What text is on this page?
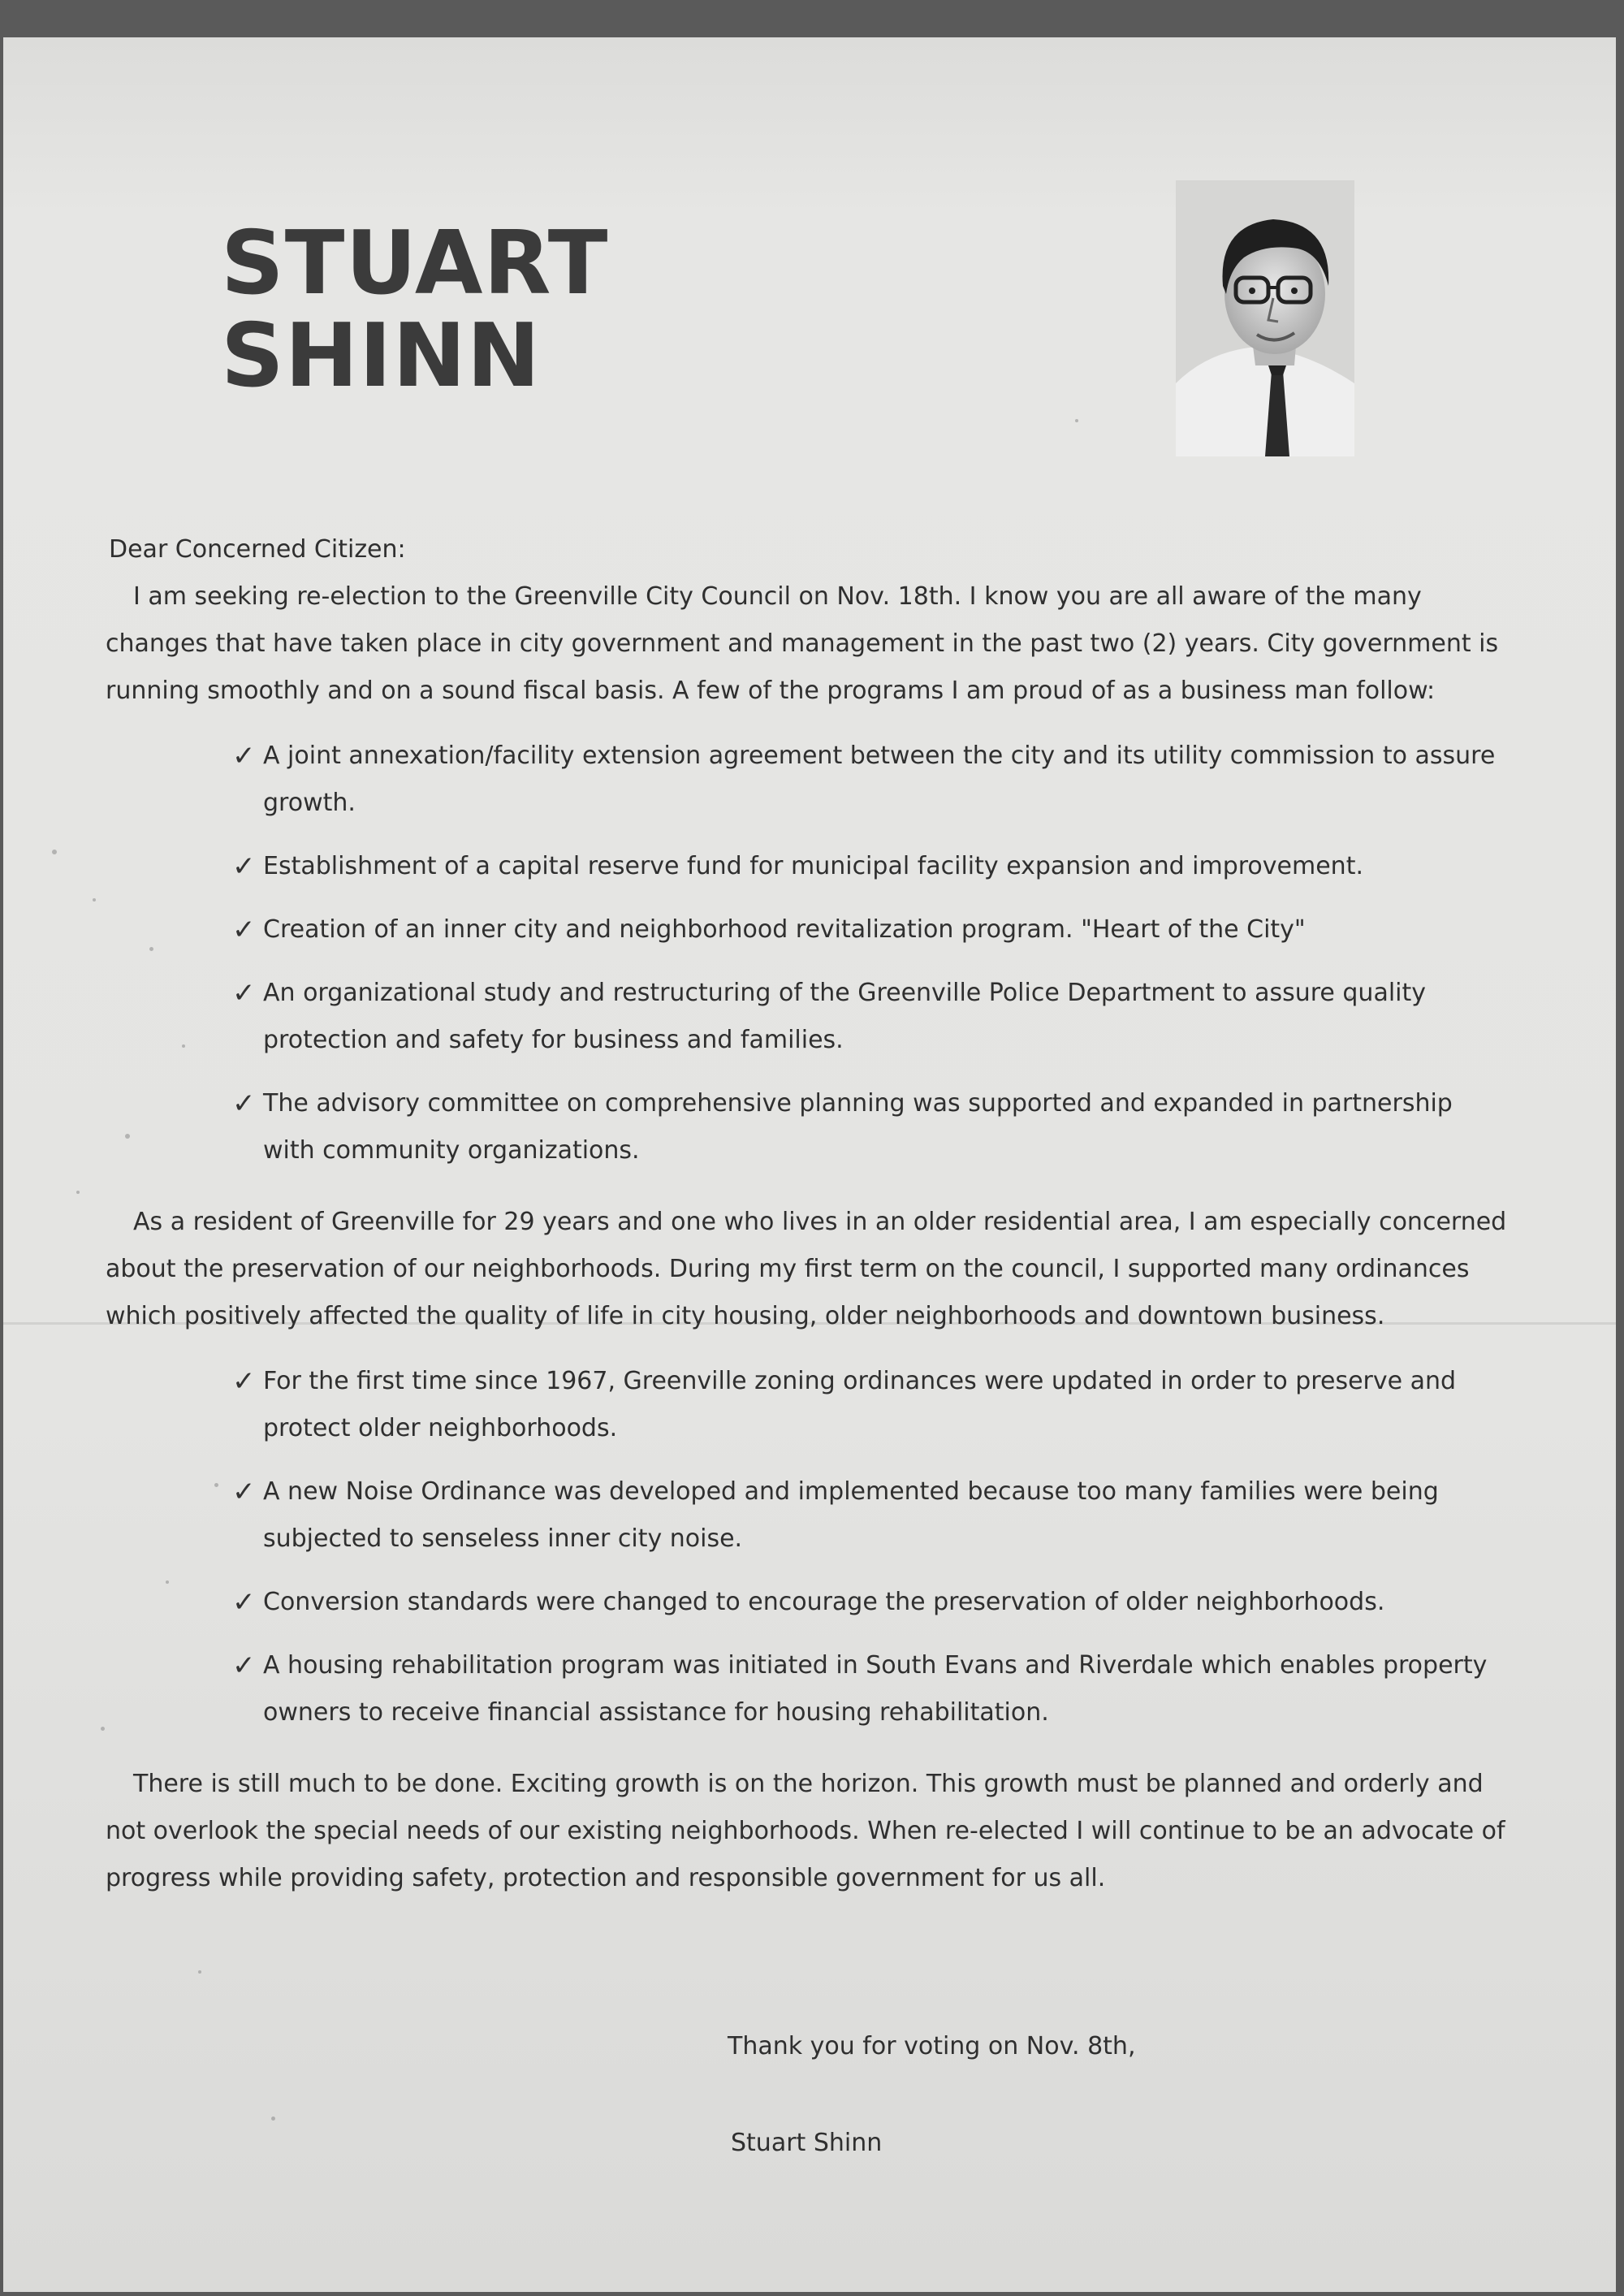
STUART
SHINN

Dear Concerned Citizen:

I am seeking re-election to the Greenville City Council on Nov. 18th. I know you are all aware of the many changes that have taken place in city government and management in the past two (2) years. City government is running smoothly and on a sound fiscal basis. A few of the programs I am proud of as a business man follow:

✓ A joint annexation/facility extension agreement between the city and its utility commission to assure growth.
✓ Establishment of a capital reserve fund for municipal facility expansion and improvement.
✓ Creation of an inner city and neighborhood revitalization program. "Heart of the City"
✓ An organizational study and restructuring of the Greenville Police Department to assure quality protection and safety for business and families.
✓ The advisory committee on comprehensive planning was supported and expanded in partnership with community organizations.

As a resident of Greenville for 29 years and one who lives in an older residential area, I am especially concerned about the preservation of our neighborhoods. During my first term on the council, I supported many ordinances which positively affected the quality of life in city housing, older neighborhoods and downtown business.

✓ For the first time since 1967, Greenville zoning ordinances were updated in order to preserve and protect older neighborhoods.
✓ A new Noise Ordinance was developed and implemented because too many families were being subjected to senseless inner city noise.
✓ Conversion standards were changed to encourage the preservation of older neighborhoods.
✓ A housing rehabilitation program was initiated in South Evans and Riverdale which enables property owners to receive financial assistance for housing rehabilitation.

There is still much to be done. Exciting growth is on the horizon. This growth must be planned and orderly and not overlook the special needs of our existing neighborhoods. When re-elected I will continue to be an advocate of progress while providing safety, protection and responsible government for us all.

Thank you for voting on Nov. 8th,
Stuart Shinn
